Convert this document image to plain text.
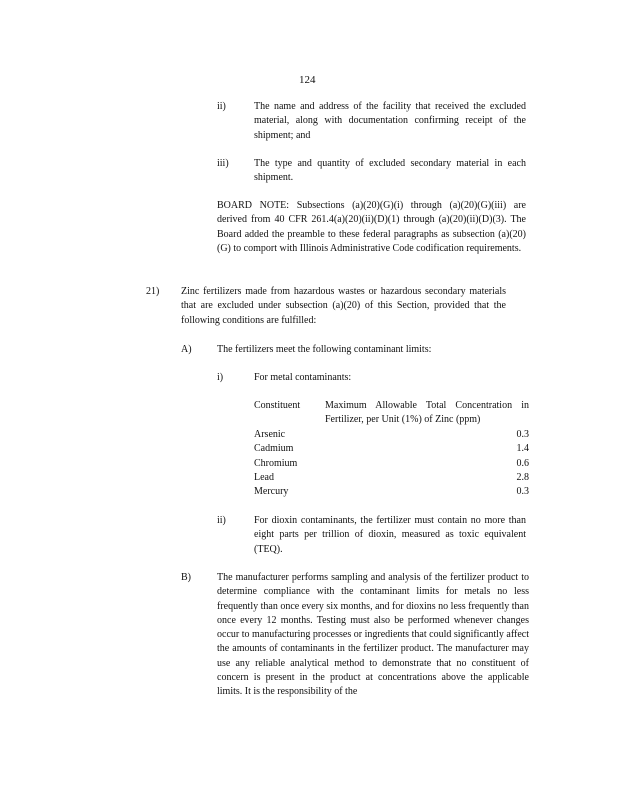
124
ii)	The name and address of the facility that received the excluded material, along with documentation confirming receipt of the shipment; and
iii)	The type and quantity of excluded secondary material in each shipment.
BOARD NOTE: Subsections (a)(20)(G)(i) through (a)(20)(G)(iii) are derived from 40 CFR 261.4(a)(20)(ii)(D)(1) through (a)(20)(ii)(D)(3). The Board added the preamble to these federal paragraphs as subsection (a)(20)(G) to comport with Illinois Administrative Code codification requirements.
21) Zinc fertilizers made from hazardous wastes or hazardous secondary materials that are excluded under subsection (a)(20) of this Section, provided that the following conditions are fulfilled:
A)	The fertilizers meet the following contaminant limits:
i)	For metal contaminants:
Constituent Maximum Allowable Total Concentration in Fertilizer, per Unit (1%) of Zinc (ppm)
Arsenic	0.3
Cadmium	1.4
Chromium	0.6
Lead	2.8
Mercury	0.3
ii)	For dioxin contaminants, the fertilizer must contain no more than eight parts per trillion of dioxin, measured as toxic equivalent (TEQ).
B)	The manufacturer performs sampling and analysis of the fertilizer product to determine compliance with the contaminant limits for metals no less frequently than once every six months, and for dioxins no less frequently than once every 12 months. Testing must also be performed whenever changes occur to manufacturing processes or ingredients that could significantly affect the amounts of contaminants in the fertilizer product. The manufacturer may use any reliable analytical method to demonstrate that no constituent of concern is present in the product at concentrations above the applicable limits. It is the responsibility of the
